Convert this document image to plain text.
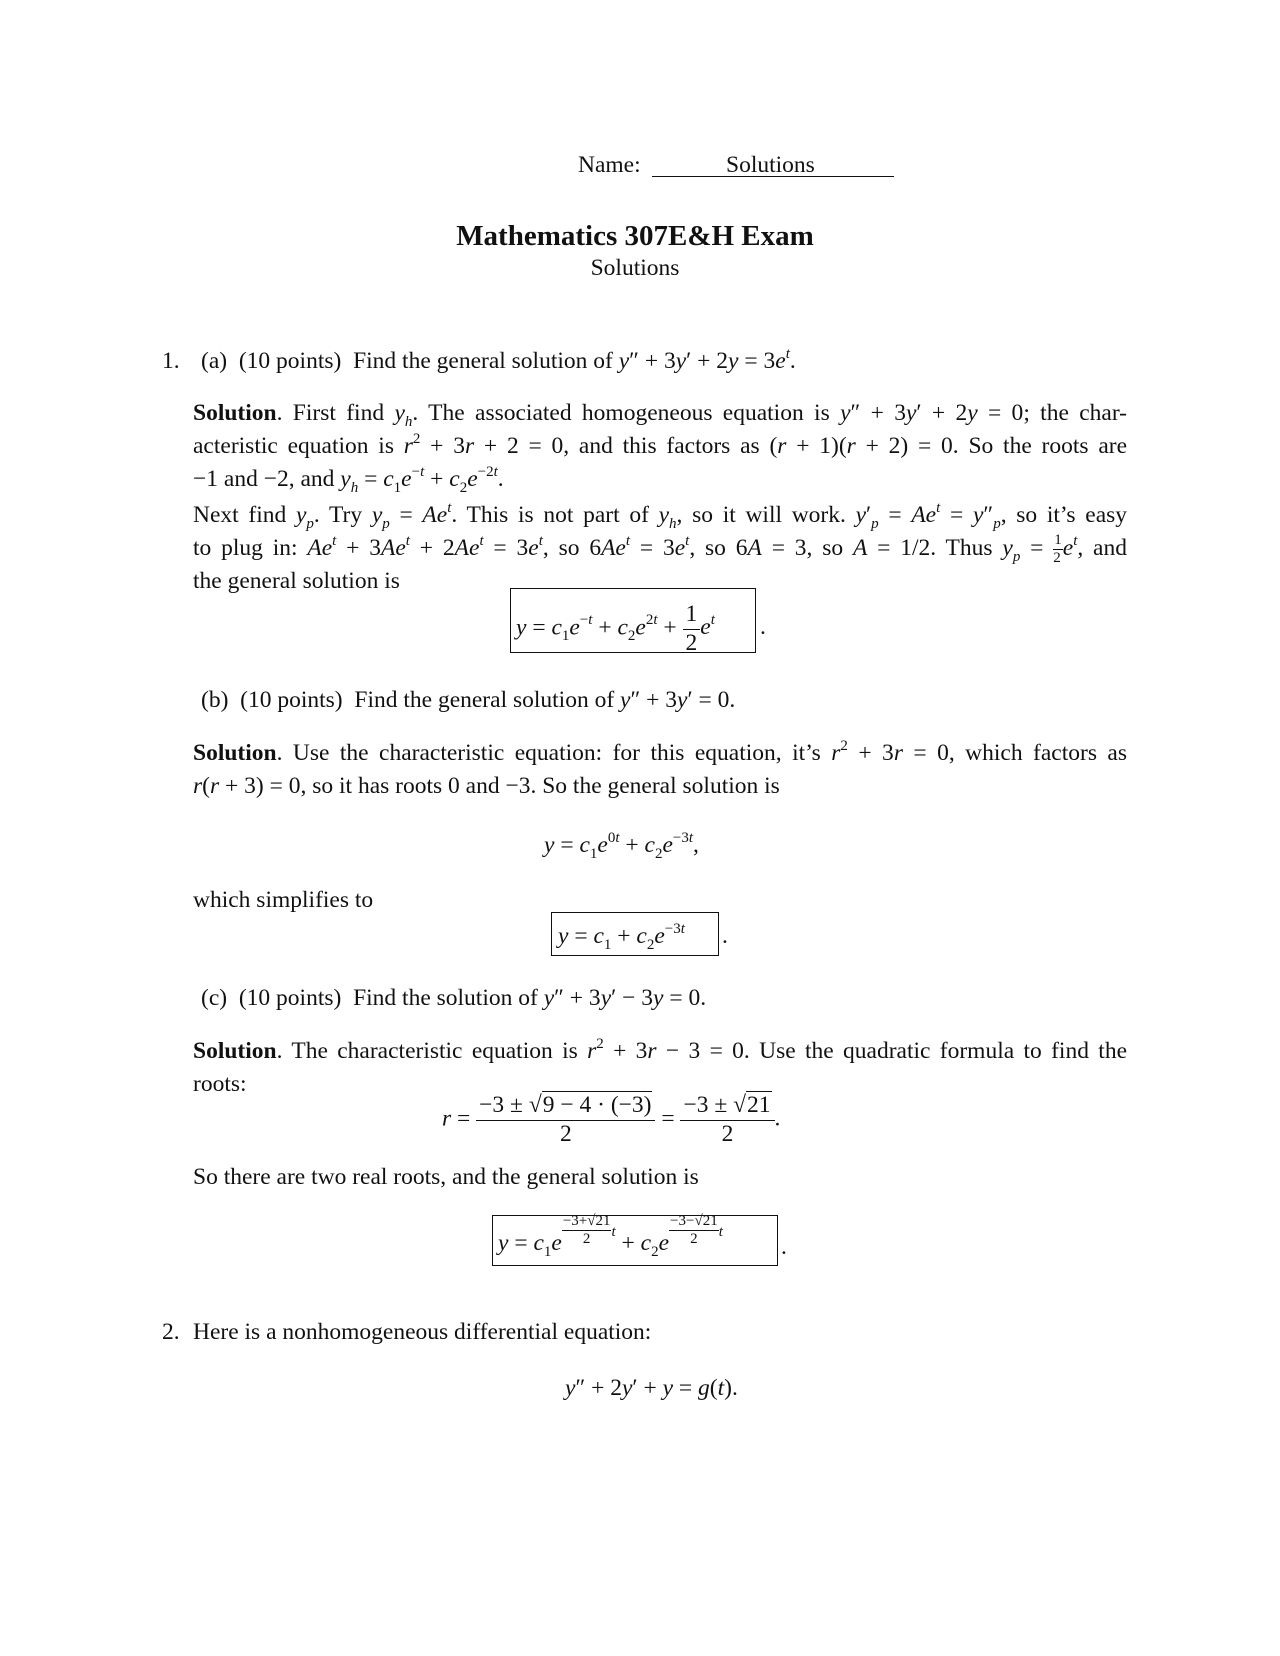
Name:	Solutions
Mathematics 307E&H Exam
Solutions
1. (a) (10 points) Find the general solution of $y'' + 3y' + 2y = 3e^t$.
Solution. First find $y_h$. The associated homogeneous equation is y″ + 3y′ + 2y = 0; the char-
acteristic equation is $r^2 + 3r + 2 = 0$, and this factors as (r + 1)(r + 2) = 0. So the roots are
−1 and −2, and $y_h = c_1e^{-t} + c_2e^{-2t}$.
Next find $y_p$. Try $y_p = Ae^t$. This is not part of $y_h$, so it will work. $y'_p = Ae^t = y''_p$, so it’s easy
to plug in: $Ae^t + 3Ae^t + 2Ae^t = 3e^t$, so $6Ae^t = 3e^t$, so 6A = 3, so A = 1/2. Thus $y_p = \frac{1}{2} e^t$, and
the general solution is
$y = c_1e^{-t} + c_2e^{2t} + \frac{1}{2} e^t$ .
(b) (10 points) Find the general solution of y″ + 3y′ = 0.
Solution. Use the characteristic equation: for this equation, it’s $r^2 + 3r = 0$, which factors as
r(r + 3) = 0, so it has roots 0 and −3. So the general solution is
$y = c_1e^{0t} + c_2e^{-3t}$,
which simplifies to
$y = c_1 + c_2e^{-3t}$ .
(c) (10 points) Find the solution of y″ + 3y′ − 3y = 0.
Solution. The characteristic equation is $r^2 + 3r - 3 = 0$. Use the quadratic formula to find the
roots:
$r = \frac{-3 \pm √9 - 4 \cdot (-3)}{2} = \frac{-3 \pm √21}{2}$ .
So there are two real roots, and the general solution is
$y = c_1e \frac{-3+√21}{2}$ $t + c_2e \frac{-3-√21}{2}$ t
.
2. Here is a nonhomogeneous differential equation:
y″ + 2y′ + y = g(t).
